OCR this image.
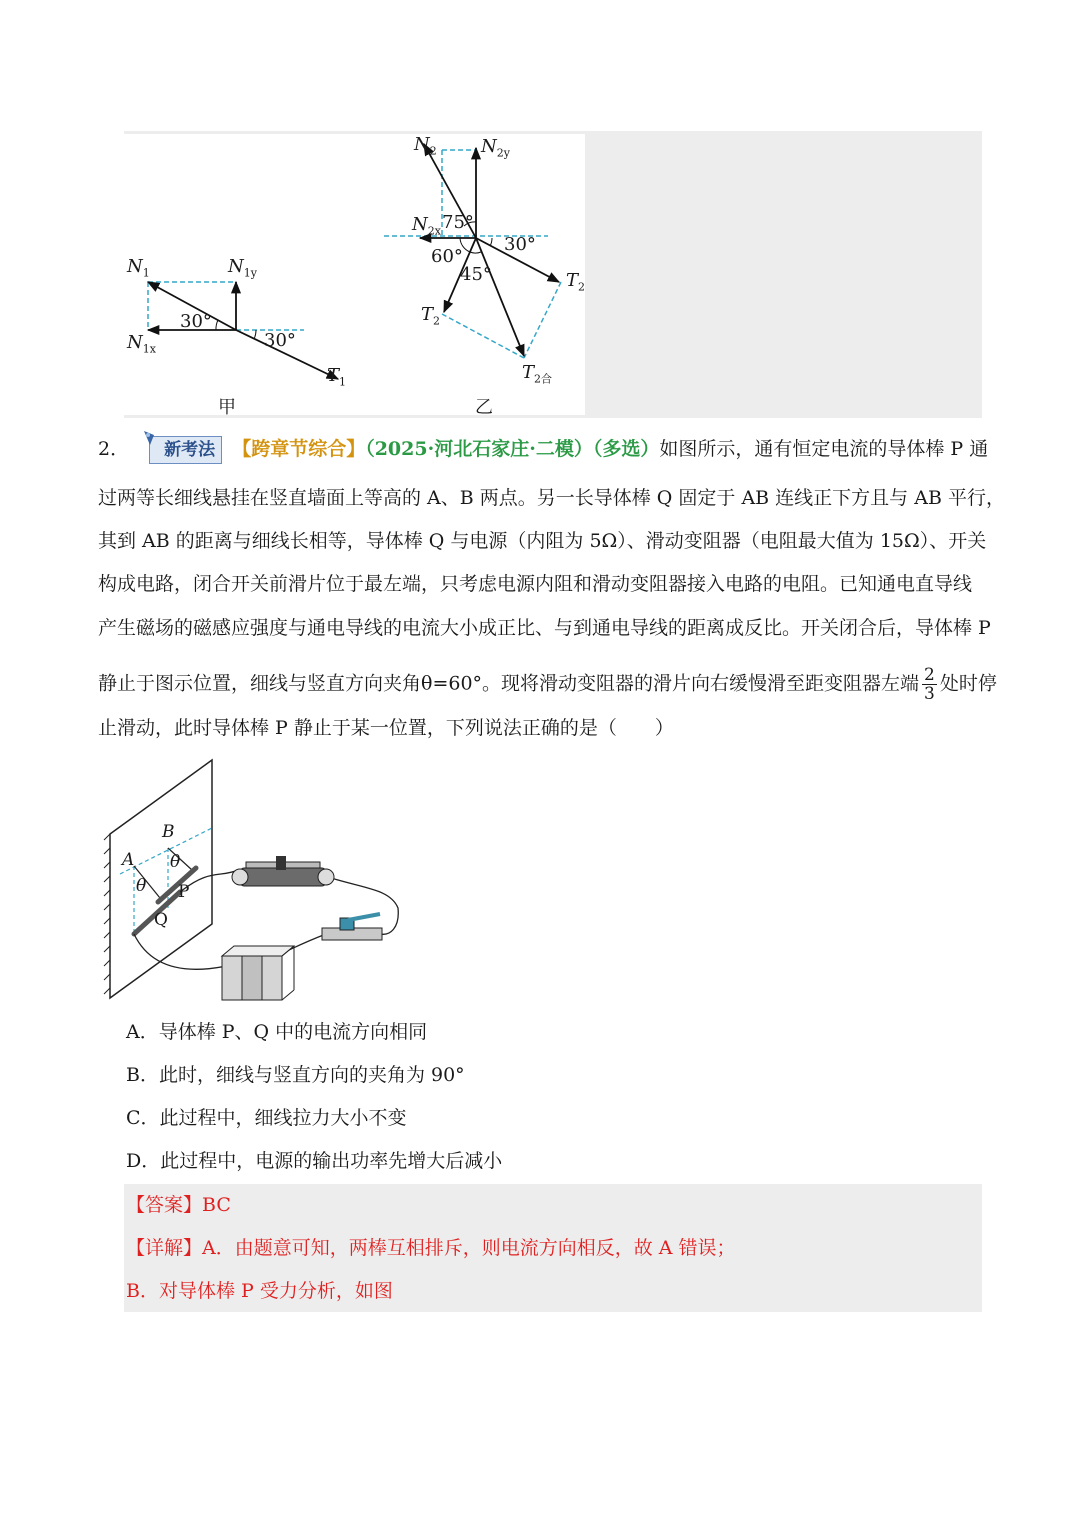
$N_1$	$N_{1y}$
$N_{1x}$
$T_1$
30°
30°
甲
$N_2$ $N_{2y}$
$N_{2x}$
$T_2$
$T_2$
$T_{2合}$
75°
30°
60°
45°
乙
2． 新考法 【跨章节综合】（2025·河北石家庄·二模）（多选）如图所示，通有恒定电流的导体棒 P 通
过两等长细线悬挂在竖直墙面上等高的 A、B 两点。另一长导体棒 Q 固定于 AB 连线正下方且与 AB 平行，
其到 AB 的距离与细线长相等，导体棒 Q 与电源（内阻为 5Ω）、滑动变阻器（电阻最大值为 15Ω）、开关
构成电路，闭合开关前滑片位于最左端，只考虑电源内阻和滑动变阻器接入电路的电阻。已知通电直导线
产生磁场的磁感应强度与通电导线的电流大小成正比、与到通电导线的距离成反比。开关闭合后，导体棒 P
静止于图示位置，细线与竖直方向夹角θ=60°。现将滑动变阻器的滑片向右缓慢滑至距变阻器左端 $\frac{2}{3}$ 处时停
止滑动，此时导体棒 P 静止于某一位置，下列说法正确的是（　　）
A
B
θ
θ
P
Q
A．导体棒 P、Q 中的电流方向相同
B．此时，细线与竖直方向的夹角为 90°
C．此过程中，细线拉力大小不变
D．此过程中，电源的输出功率先增大后减小
【答案】BC
【详解】A．由题意可知，两棒互相排斥，则电流方向相反，故 A 错误；
B．对导体棒 P 受力分析，如图
